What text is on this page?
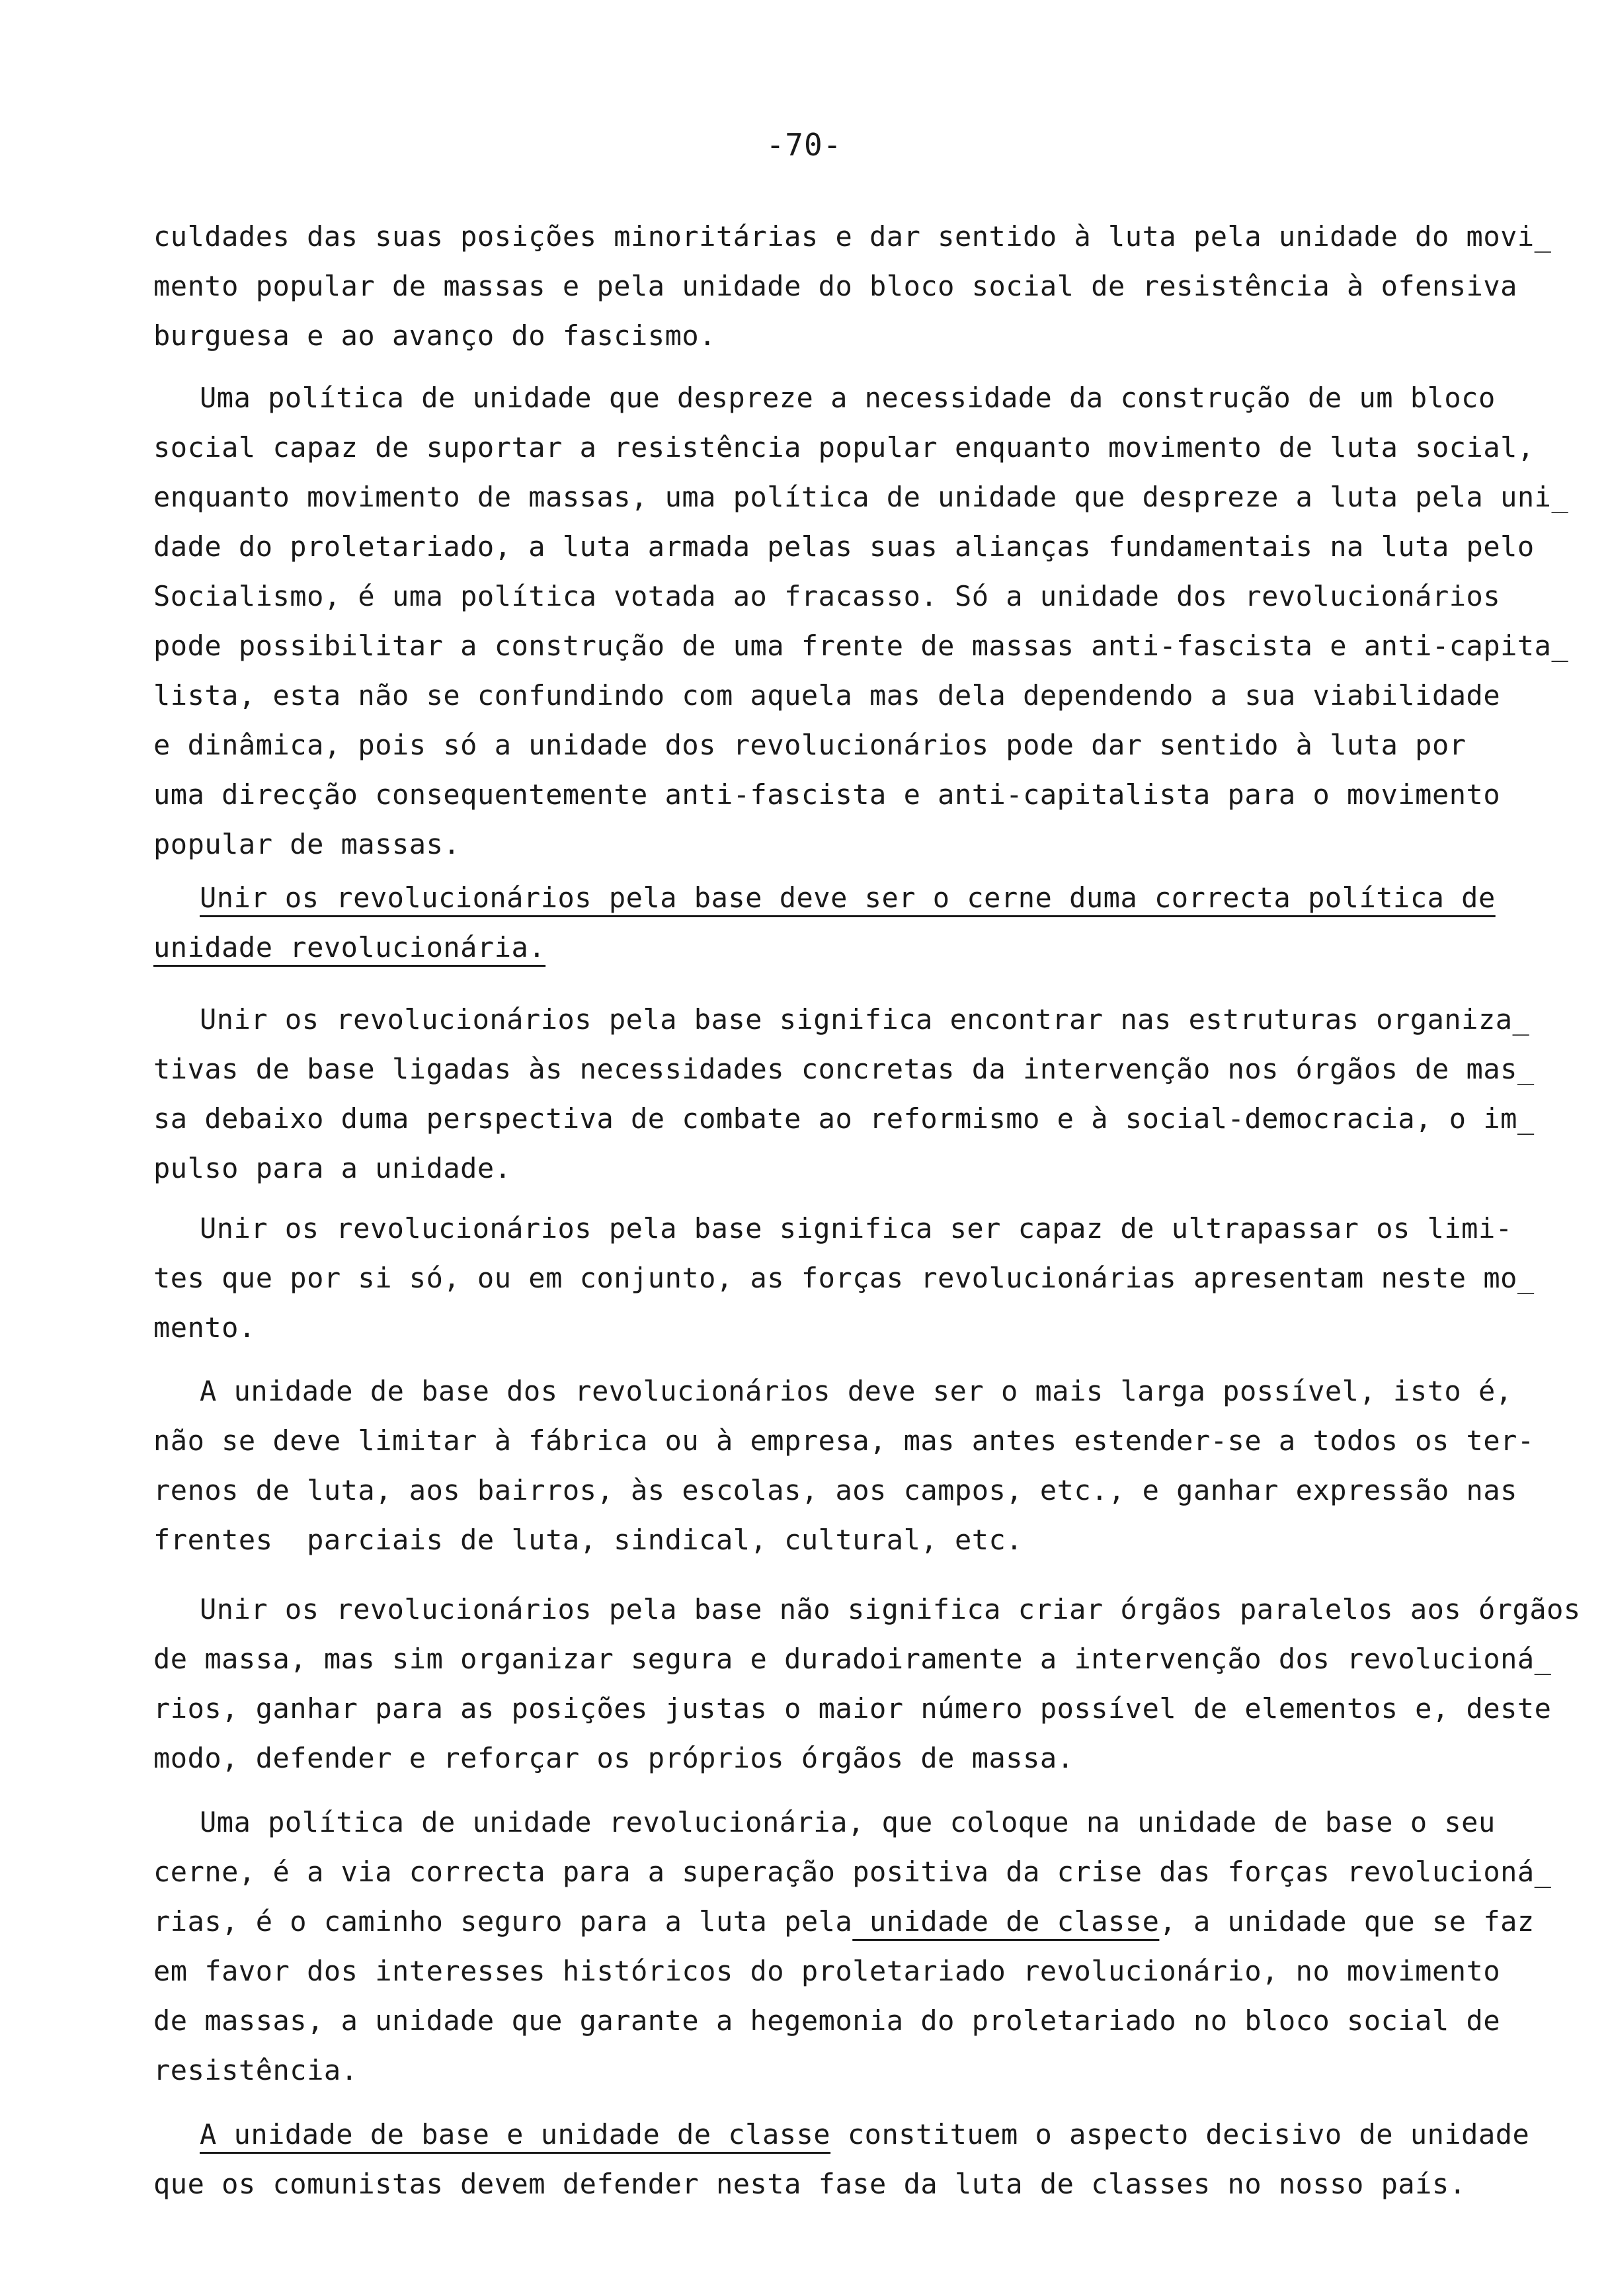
-70-
culdades das suas posições minoritárias e dar sentido à luta pela unidade do movi_
mento popular de massas e pela unidade do bloco social de resistência à ofensiva
burguesa e ao avanço do fascismo.
Uma política de unidade que despreze a necessidade da construção de um bloco
social capaz de suportar a resistência popular enquanto movimento de luta social,
enquanto movimento de massas, uma política de unidade que despreze a luta pela uni_
dade do proletariado, a luta armada pelas suas alianças fundamentais na luta pelo
Socialismo, é uma política votada ao fracasso. Só a unidade dos revolucionários
pode possibilitar a construção de uma frente de massas anti-fascista e anti-capita_
lista, esta não se confundindo com aquela mas dela dependendo a sua viabilidade
e dinâmica, pois só a unidade dos revolucionários pode dar sentido à luta por
uma direcção consequentemente anti-fascista e anti-capitalista para o movimento
popular de massas.
Unir os revolucionários pela base deve ser o cerne duma correcta política de
unidade revolucionária.
Unir os revolucionários pela base significa encontrar nas estruturas organiza_
tivas de base ligadas às necessidades concretas da intervenção nos órgãos de mas_
sa debaixo duma perspectiva de combate ao reformismo e à social-democracia, o im_
pulso para a unidade.
Unir os revolucionários pela base significa ser capaz de ultrapassar os limi-
tes que por si só, ou em conjunto, as forças revolucionárias apresentam neste mo_
mento.
A unidade de base dos revolucionários deve ser o mais larga possível, isto é,
não se deve limitar à fábrica ou à empresa, mas antes estender-se a todos os ter-
renos de luta, aos bairros, às escolas, aos campos, etc., e ganhar expressão nas
frentes  parciais de luta, sindical, cultural, etc.
Unir os revolucionários pela base não significa criar órgãos paralelos aos órgãos
de massa, mas sim organizar segura e duradoiramente a intervenção dos revolucioná_
rios, ganhar para as posições justas o maior número possível de elementos e, deste
modo, defender e reforçar os próprios órgãos de massa.
Uma política de unidade revolucionária, que coloque na unidade de base o seu
cerne, é a via correcta para a superação positiva da crise das forças revolucioná_
rias, é o caminho seguro para a luta pela unidade de classe, a unidade que se faz
em favor dos interesses históricos do proletariado revolucionário, no movimento
de massas, a unidade que garante a hegemonia do proletariado no bloco social de
resistência.
A unidade de base e unidade de classe constituem o aspecto decisivo de unidade
que os comunistas devem defender nesta fase da luta de classes no nosso país.
